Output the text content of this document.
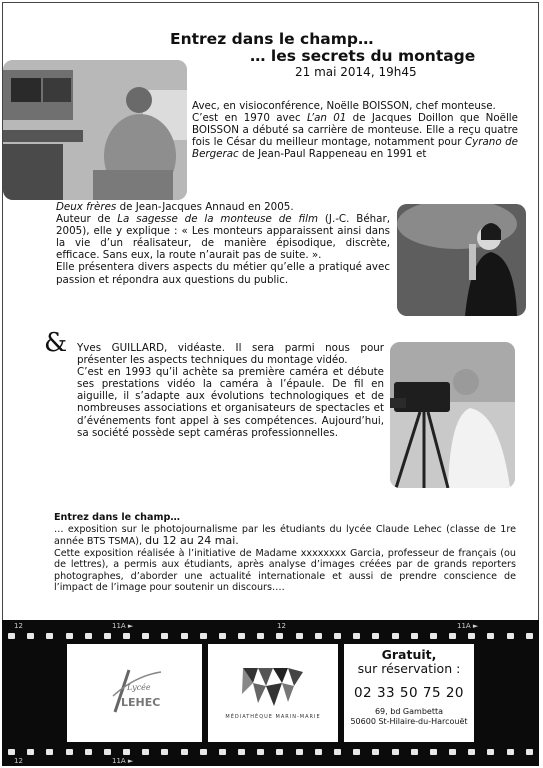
Entrez dans le champ…
… les secrets du montage
21 mai 2014, 19h45
Avec, en visioconférence, Noëlle BOISSON, chef monteuse.
C’est en 1970 avec L’an 01 de Jacques Doillon que Noëlle BOISSON a débuté sa carrière de monteuse. Elle a reçu quatre fois le César du meilleur montage, notamment pour Cyrano de Bergerac de Jean-Paul Rappeneau en 1991 et
Deux frères de Jean-Jacques Annaud en 2005.
Auteur de La sagesse de la monteuse de film (J.-C. Béhar, 2005), elle y explique : « Les monteurs apparaissent ainsi dans la vie d’un réalisateur, de manière épisodique, discrète, efficace. Sans eux, la route n’aurait pas de suite. ».
Elle présentera divers aspects du métier qu’elle a pratiqué avec passion et répondra aux questions du public.
& Yves GUILLARD, vidéaste. Il sera parmi nous pour présenter les aspects techniques du montage vidéo.
C’est en 1993 qu’il achète sa première caméra et débute ses prestations vidéo la caméra à l’épaule. De fil en aiguille, il s’adapte aux évolutions technologiques et de nombreuses associations et organisateurs de spectacles et d’événements font appel à ses compétences. Aujourd’hui, sa société possède sept caméras professionnelles.
Entrez dans le champ…
… exposition sur le photojournalisme par les étudiants du lycée Claude Lehec (classe de 1re année BTS TSMA), du 12 au 24 mai.
Cette exposition réalisée à l’initiative de Madame xxxxxxxx Garcia, professeur de français (ou de lettres), a permis aux étudiants, après analyse d’images créées par de grands reporters photographes, d’aborder une actualité internationale et aussi de prendre conscience de l’impact de l’image pour soutenir un discours….
12	11A ►	12	11A ►
12	11A ►
Lycée
LEHEC
MÉDIATHÈQUE MARIN-MARIE
Gratuit,
sur réservation :
02 33 50 75 20
69, bd Gambetta
50600 St-Hilaire-du-Harcouët
